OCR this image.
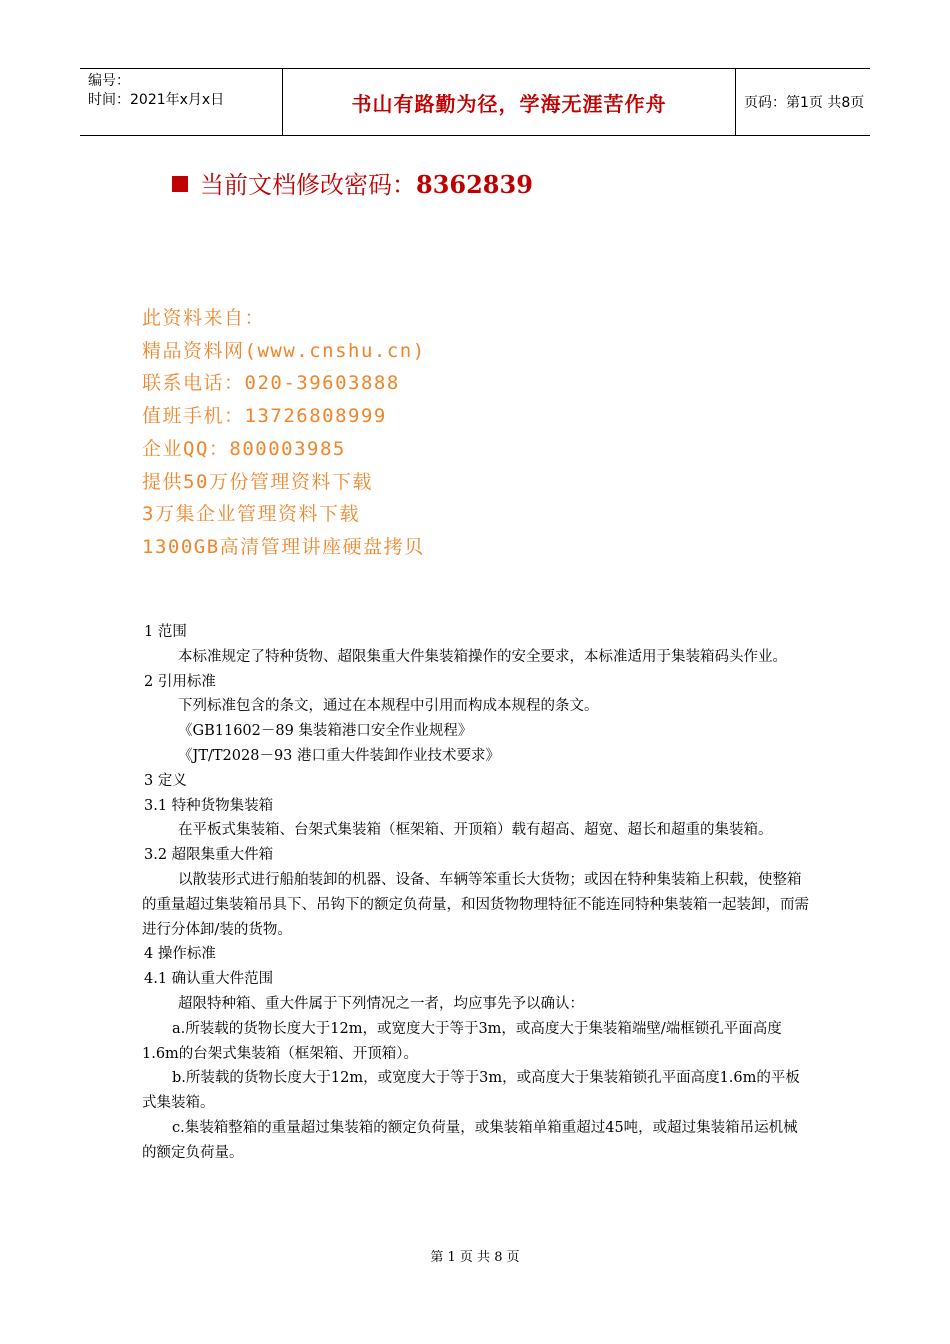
编号：
时间：2021年x月x日	书山有路勤为径，学海无涯苦作舟	页码：第1页 共8页
当前文档修改密码：8362839
此资料来自：
精品资料网(www.cnshu.cn)
联系电话：020-39603888
值班手机：13726808999
企业QQ：800003985
提供50万份管理资料下载
3万集企业管理资料下载
1300GB高清管理讲座硬盘拷贝

1 范围

本标准规定了特种货物、超限集重大件集装箱操作的安全要求，本标准适用于集装箱码头作业。

2 引用标准

下列标准包含的条文，通过在本规程中引用而构成本规程的条文。

《GB11602－89 集装箱港口安全作业规程》

《JT/T2028－93 港口重大件装卸作业技术要求》

3 定义

3.1 特种货物集装箱

在平板式集装箱、台架式集装箱（框架箱、开顶箱）载有超高、超宽、超长和超重的集装箱。

3.2 超限集重大件箱

以散装形式进行船舶装卸的机器、设备、车辆等笨重长大货物；或因在特种集装箱上积载，使整箱的重量超过集装箱吊具下、吊钩下的额定负荷量，和因货物物理特征不能连同特种集装箱一起装卸，而需进行分体卸/装的货物。

4 操作标准

4.1 确认重大件范围

超限特种箱、重大件属于下列情况之一者，均应事先予以确认：

a.所装载的货物长度大于12m，或宽度大于等于3m，或高度大于集装箱端壁/端框锁孔平面高度1.6m的台架式集装箱（框架箱、开顶箱）。

b.所装载的货物长度大于12m，或宽度大于等于3m，或高度大于集装箱锁孔平面高度1.6m的平板式集装箱。

c.集装箱整箱的重量超过集装箱的额定负荷量，或集装箱单箱重超过45吨，或超过集装箱吊运机械的额定负荷量。

第 1 页 共 8 页
